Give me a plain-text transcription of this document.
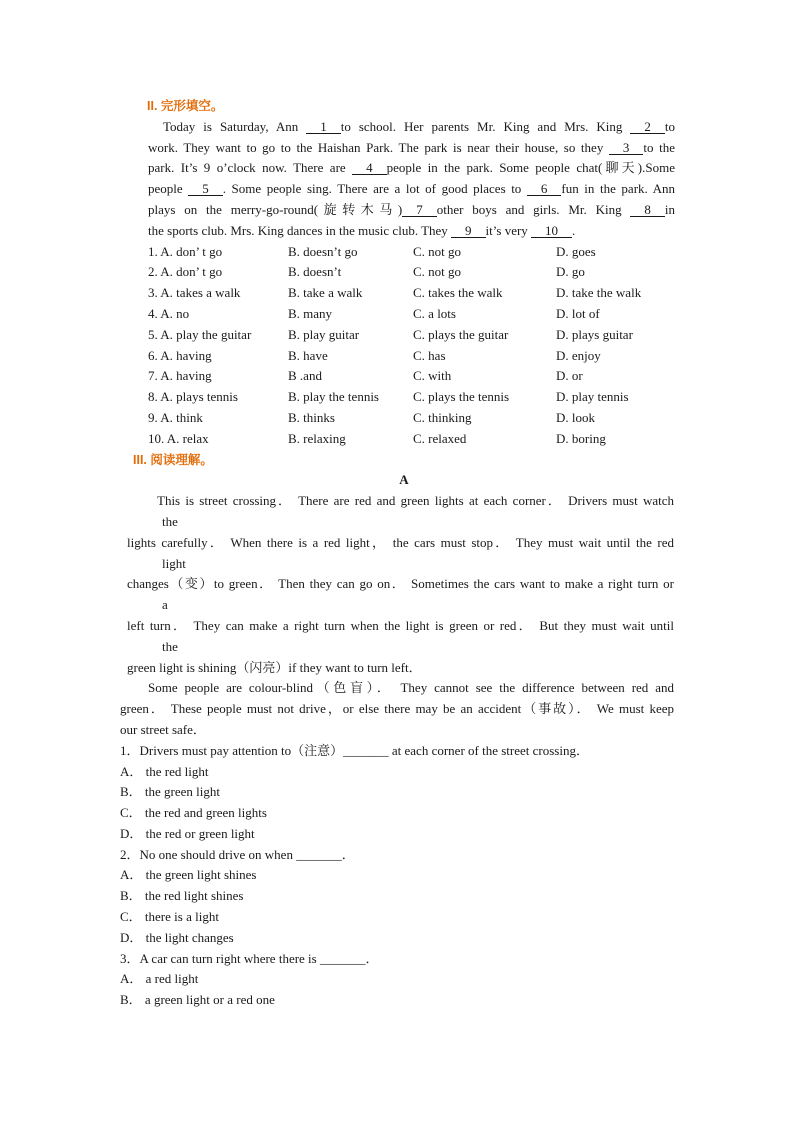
II. 完形填空。
Today is Saturday, Ann 1 to school. Her parents Mr. King and Mrs. King 2 to
work. They want to go to the Haishan Park. The park is near their house, so they 3 to the
park. It’s 9 o’clock now. There are 4 people in the park. Some people chat(聊天).Some
people 5 . Some people sing. There are a lot of good places to 6 fun in the park. Ann
plays on the merry-go-round(旋转木马) 7 other boys and girls. Mr. King 8 in
the sports club. Mrs. King dances in the music club. They 9 it’s very 10 .
1. A. don’ t go	B. doesn’t go	C. not go	D. goes
2. A. don’ t go	B. doesn’t	C. not go	D. go
3. A. takes a walk	B. take a walk	C. takes the walk	D. take the walk
4. A. no	B. many	C. a lots	D. lot of
5. A. play the guitar	B. play guitar	C. plays the guitar	D. plays guitar
6. A. having	B. have	C. has	D. enjoy
7. A. having	B .and	C. with	D. or
8. A. plays tennis	B. play the tennis	C. plays the tennis	D. play tennis
9. A. think	B. thinks	C. thinking	D. look
10. A. relax	B. relaxing	C. relaxed	D. boring
III. 阅读理解。
A
This is street crossing． There are red and green lights at each corner． Drivers must watch
the
lights carefully． When there is a red light， the cars must stop． They must wait until the red
light
changes（变）to green． Then they can go on． Sometimes the cars want to make a right turn or
a
left turn． They can make a right turn when the light is green or red． But they must wait until
the
green light is shining（闪亮）if they want to turn left．
Some people are colour-blind（色盲）． They cannot see the difference between red and
green． These people must not drive，or else there may be an accident（事故）． We must keep
our street safe．
1．Drivers must pay attention to（注意）_______ at each corner of the street crossing．
A． the red light
B． the green light
C． the red and green lights
D． the red or green light
2．No one should drive on when _______．
A． the green light shines
B． the red light shines
C． there is a light
D． the light changes
3．A car can turn right where there is _______．
A． a red light
B． a green light or a red one
